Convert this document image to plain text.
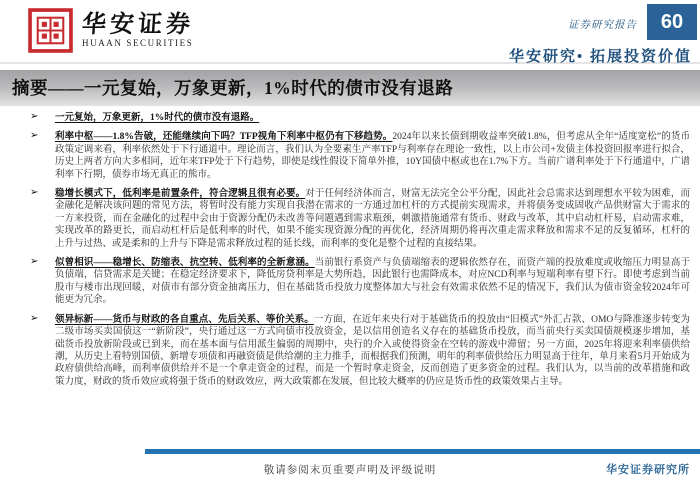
华安证券
HUAAN SECURITIES
证券研究报告	60
华安研究• 拓展投资价值
摘要——一元复始，万象更新，1%时代的债市没有退路
➢ 一元复始，万象更新，1%时代的债市没有退路。
➢ 利率中枢——1.8%告破，还能继续向下吗？TFP视角下利率中枢仍有下移趋势。2024年以来长债到期收益率突破1.8%，但考虑从全年“适度宽松”的货币政策定调来看，利率依然处于下行通道中。理论而言，我们认为全要素生产率TFP与利率存在理论一致性，以上市公司+发债主体投资回报率进行拟合，历史上两者方向大多相同，近年来TFP处于下行趋势，即使是线性假设下简单外推，10Y国债中枢或也在1.7%下方。当前广谱利率处于下行通道中，广谱利率下行期，债券市场无真正的熊市。
➢ 稳增长模式下，低利率是前置条件，符合逻辑且很有必要。对于任何经济体而言，财富无法完全公平分配，因此社会总需求达到理想水平较为困难，而金融化是解决该问题的常见方法，将暂时没有能力实现自我潜在需求的一方通过加杠杆的方式提前实现需求，并将债务变成固收产品供财富大于需求的一方来投资，而在金融化的过程中会由于资源分配仍未改善等问题遇到需求瓶颈，刺激措施通常有货币、财政与改革，其中启动杠杆易，启动需求难，实现改革的路更长，而启动杠杆后是低利率的时代，如果不能实现资源分配的再优化，经济周期仍将再次重走需求释放和需求不足的反复循环，杠杆的上升与过热、或是柔和的上升与下降是需求释放过程的延长线，而利率的变化是整个过程的直接结果。
➢ 似曾相识——稳增长、防缩表、抗空转、低利率的全新意涵。当前银行系资产与负债端缩表的逻辑依然存在，而资产端的投放难度或收缩压力明显高于负债端，信贷需求是关键；在稳定经济要求下，降低房贷利率是大势所趋，因此银行也需降成本，对应NCD利率与短端利率有望下行。即使考虑到当前股市与楼市出现回暖，对债市有部分资金抽离压力，但在基础货币投放力度整体加大与社会有效需求依然不足的情况下，我们认为债市资金较2024年可能更为冗余。
➢ 领异标新——货币与财政的各自重点、先后关系、等价关系。一方面，在近年来央行对于基础货币的投放由“旧模式”外汇占款、OMO与降准逐步转变为二级市场买卖国债这一“新阶段”，央行通过这一方式向债市投放资金，是以信用创造名义存在的基础货币投放，而当前央行买卖国债规模逐步增加，基础货币投放新阶段或已到来，而在基本面与信用派生偏弱的周期中，央行的介入或使得资金在空转的游戏中滞留；另一方面，2025年将迎来利率债供给潮，从历史上看特别国债、新增专项债和再融资债是供给潮的主力推手，而根据我们预测，明年的利率债供给压力明显高于往年，单月来看5月开始成为政府债供给高峰，而利率债供给并不是一个拿走资金的过程，而是一个暂时拿走资金，反而创造了更多资金的过程。我们认为，以当前的改革措施和政策力度，财政的货币效应或将强于货币的财政效应，两大政策都在发展，但比较大概率的仍应是货币性的政策效果占主导。
敬请参阅末页重要声明及评级说明	华安证券研究所
